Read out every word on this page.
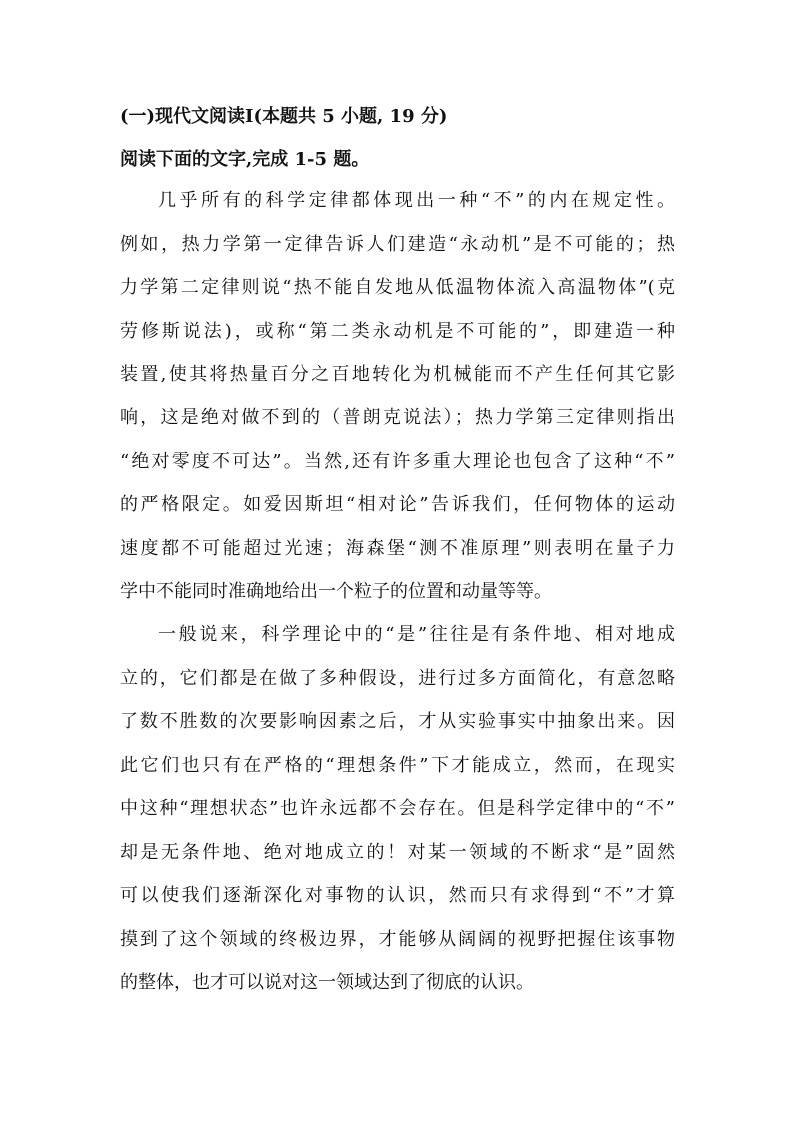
(一)现代文阅读Ⅰ(本题共 5 小题, 19 分)
阅读下面的文字,完成 1-5 题。
几乎所有的科学定律都体现出一种“不”的内在规定性。
例如，热力学第一定律告诉人们建造“永动机”是不可能的；热
力学第二定律则说“热不能自发地从低温物体流入高温物体”(克
劳修斯说法)，或称“第二类永动机是不可能的”，即建造一种
装置,使其将热量百分之百地转化为机械能而不产生任何其它影
响，这是绝对做不到的（普朗克说法）；热力学第三定律则指出
“绝对零度不可达”。当然,还有许多重大理论也包含了这种“不”
的严格限定。如爱因斯坦“相对论”告诉我们，任何物体的运动
速度都不可能超过光速；海森堡“测不准原理”则表明在量子力
学中不能同时准确地给出一个粒子的位置和动量等等。
一般说来，科学理论中的“是”往往是有条件地、相对地成
立的，它们都是在做了多种假设，进行过多方面简化，有意忽略
了数不胜数的次要影响因素之后，才从实验事实中抽象出来。因
此它们也只有在严格的“理想条件”下才能成立，然而，在现实
中这种“理想状态”也许永远都不会存在。但是科学定律中的“不”
却是无条件地、绝对地成立的！对某一领域的不断求“是”固然
可以使我们逐渐深化对事物的认识，然而只有求得到“不”才算
摸到了这个领域的终极边界，才能够从阔阔的视野把握住该事物
的整体，也才可以说对这一领域达到了彻底的认识。
